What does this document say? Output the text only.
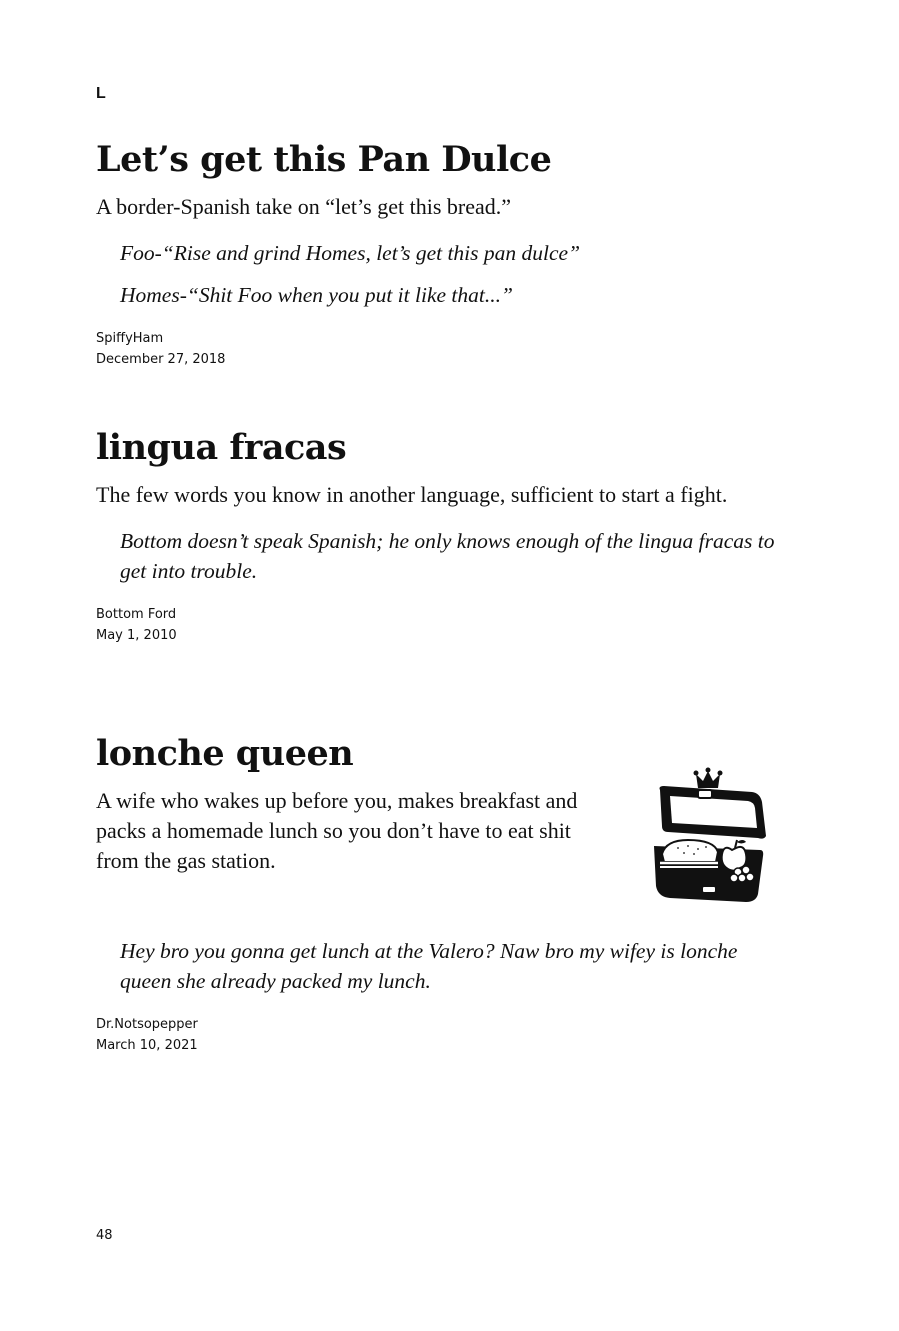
L
Let’s get this Pan Dulce

A border-Spanish take on “let’s get this bread.”

Foo-“Rise and grind Homes, let’s get this pan dulce”

Homes-“Shit Foo when you put it like that...”

SpiffyHam
December 27, 2018
lingua fracas

The few words you know in another language, sufficient to start a fight.

Bottom doesn’t speak Spanish; he only knows enough of the lingua fracas to get into trouble.

Bottom Ford
May 1, 2010
lonche queen

A wife who wakes up before you, makes breakfast and packs a homemade lunch so you don’t have to eat shit from the gas station.

Hey bro you gonna get lunch at the Valero? Naw bro my wifey is lonche queen she already packed my lunch.

Dr.Notsopepper
March 10, 2021
48
